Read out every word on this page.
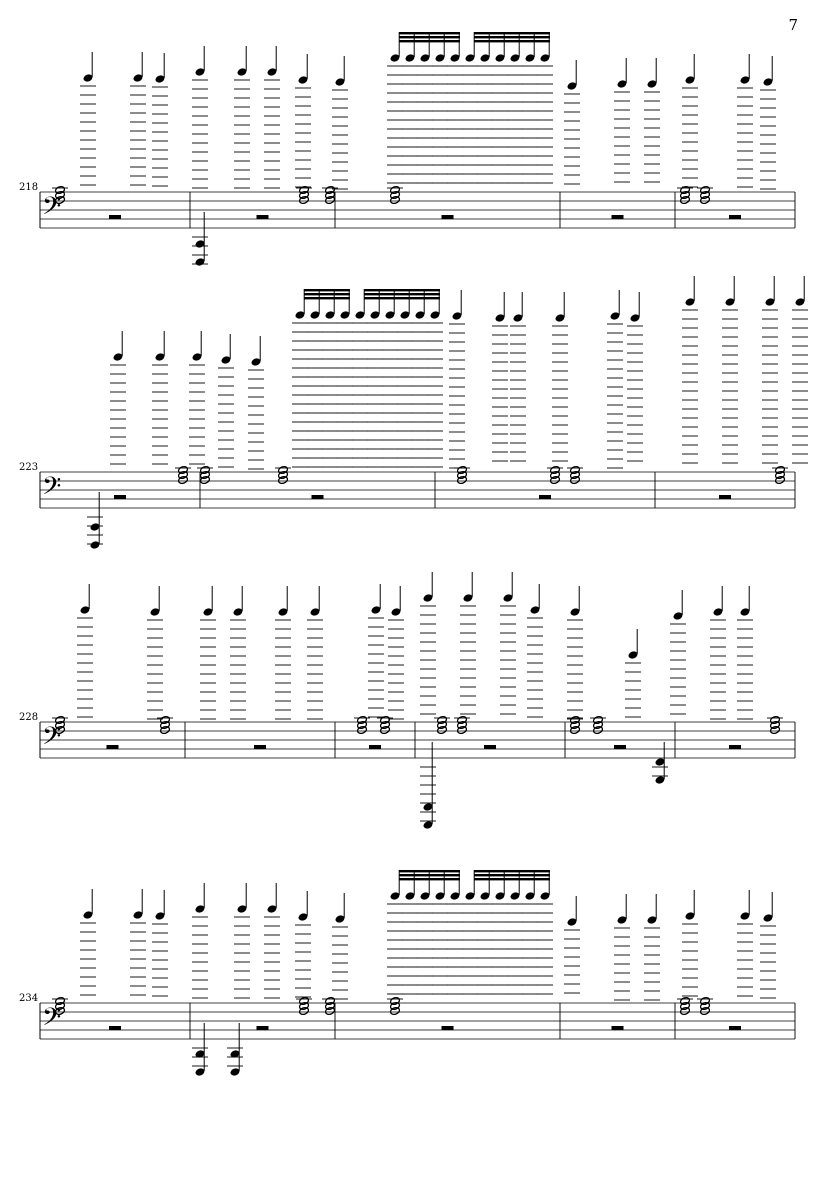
7
218
𝄢
223
𝄢
228
𝄢
234
𝄢
